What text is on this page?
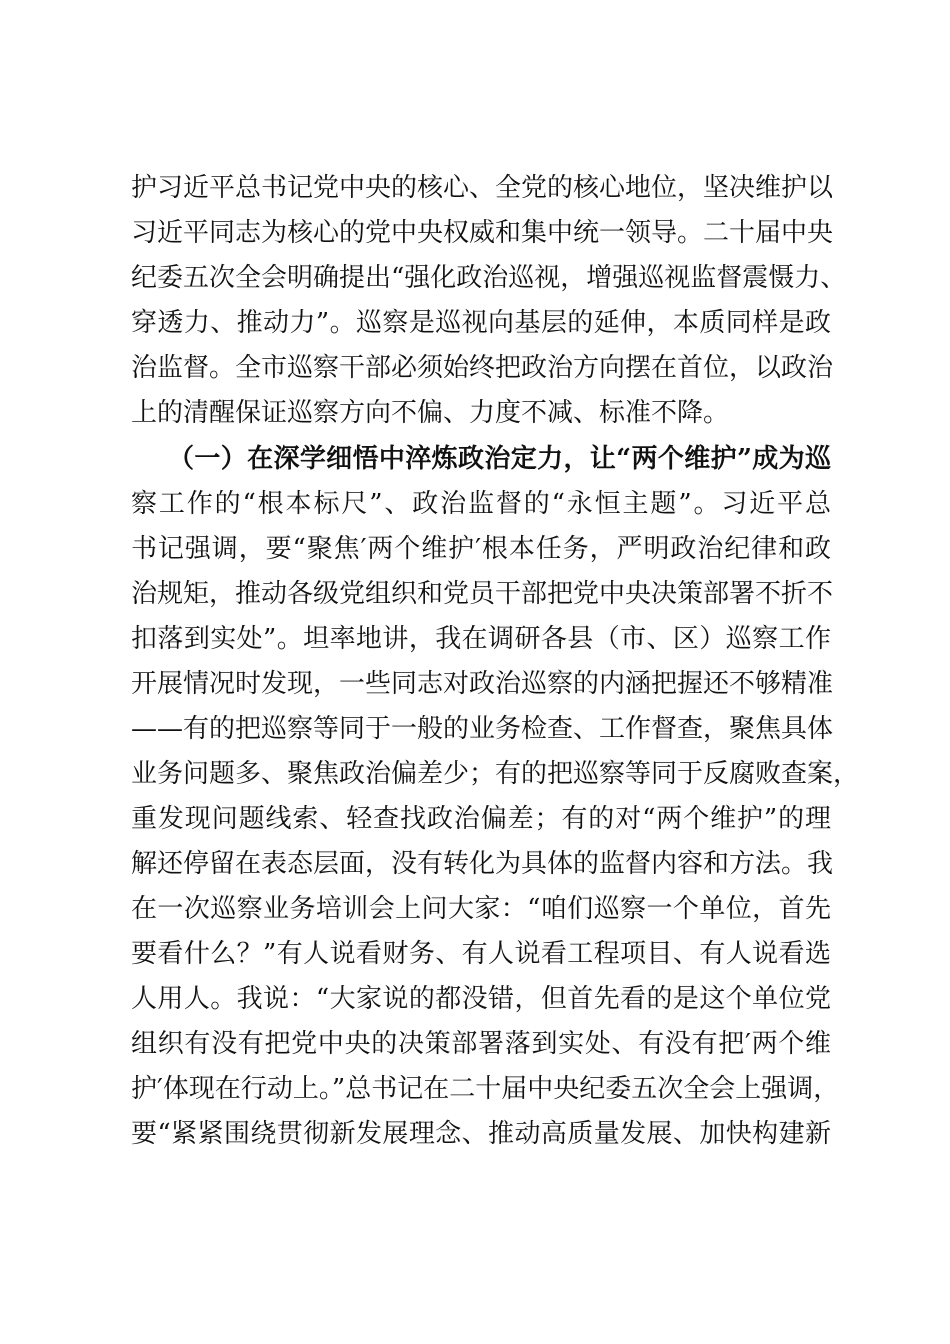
护习近平总书记党中央的核心、全党的核心地位，坚决维护以
习近平同志为核心的党中央权威和集中统一领导。二十届中央
纪委五次全会明确提出“强化政治巡视，增强巡视监督震慑力、
穿透力、推动力”。巡察是巡视向基层的延伸，本质同样是政
治监督。全市巡察干部必须始终把政治方向摆在首位，以政治
上的清醒保证巡察方向不偏、力度不减、标准不降。
（一）在深学细悟中淬炼政治定力，让“两个维护”成为巡
察工作的“根本标尺”、政治监督的“永恒主题”。习近平总
书记强调，要“聚焦′两个维护′根本任务，严明政治纪律和政
治规矩，推动各级党组织和党员干部把党中央决策部署不折不
扣落到实处”。坦率地讲，我在调研各县（市、区）巡察工作
开展情况时发现，一些同志对政治巡察的内涵把握还不够精准
——有的把巡察等同于一般的业务检查、工作督查，聚焦具体
业务问题多、聚焦政治偏差少；有的把巡察等同于反腐败查案，
重发现问题线索、轻查找政治偏差；有的对“两个维护”的理
解还停留在表态层面，没有转化为具体的监督内容和方法。我
在一次巡察业务培训会上问大家：“咱们巡察一个单位，首先
要看什么？”有人说看财务、有人说看工程项目、有人说看选
人用人。我说：“大家说的都没错，但首先看的是这个单位党
组织有没有把党中央的决策部署落到实处、有没有把′两个维
护′体现在行动上。”总书记在二十届中央纪委五次全会上强调，
要“紧紧围绕贯彻新发展理念、推动高质量发展、加快构建新
